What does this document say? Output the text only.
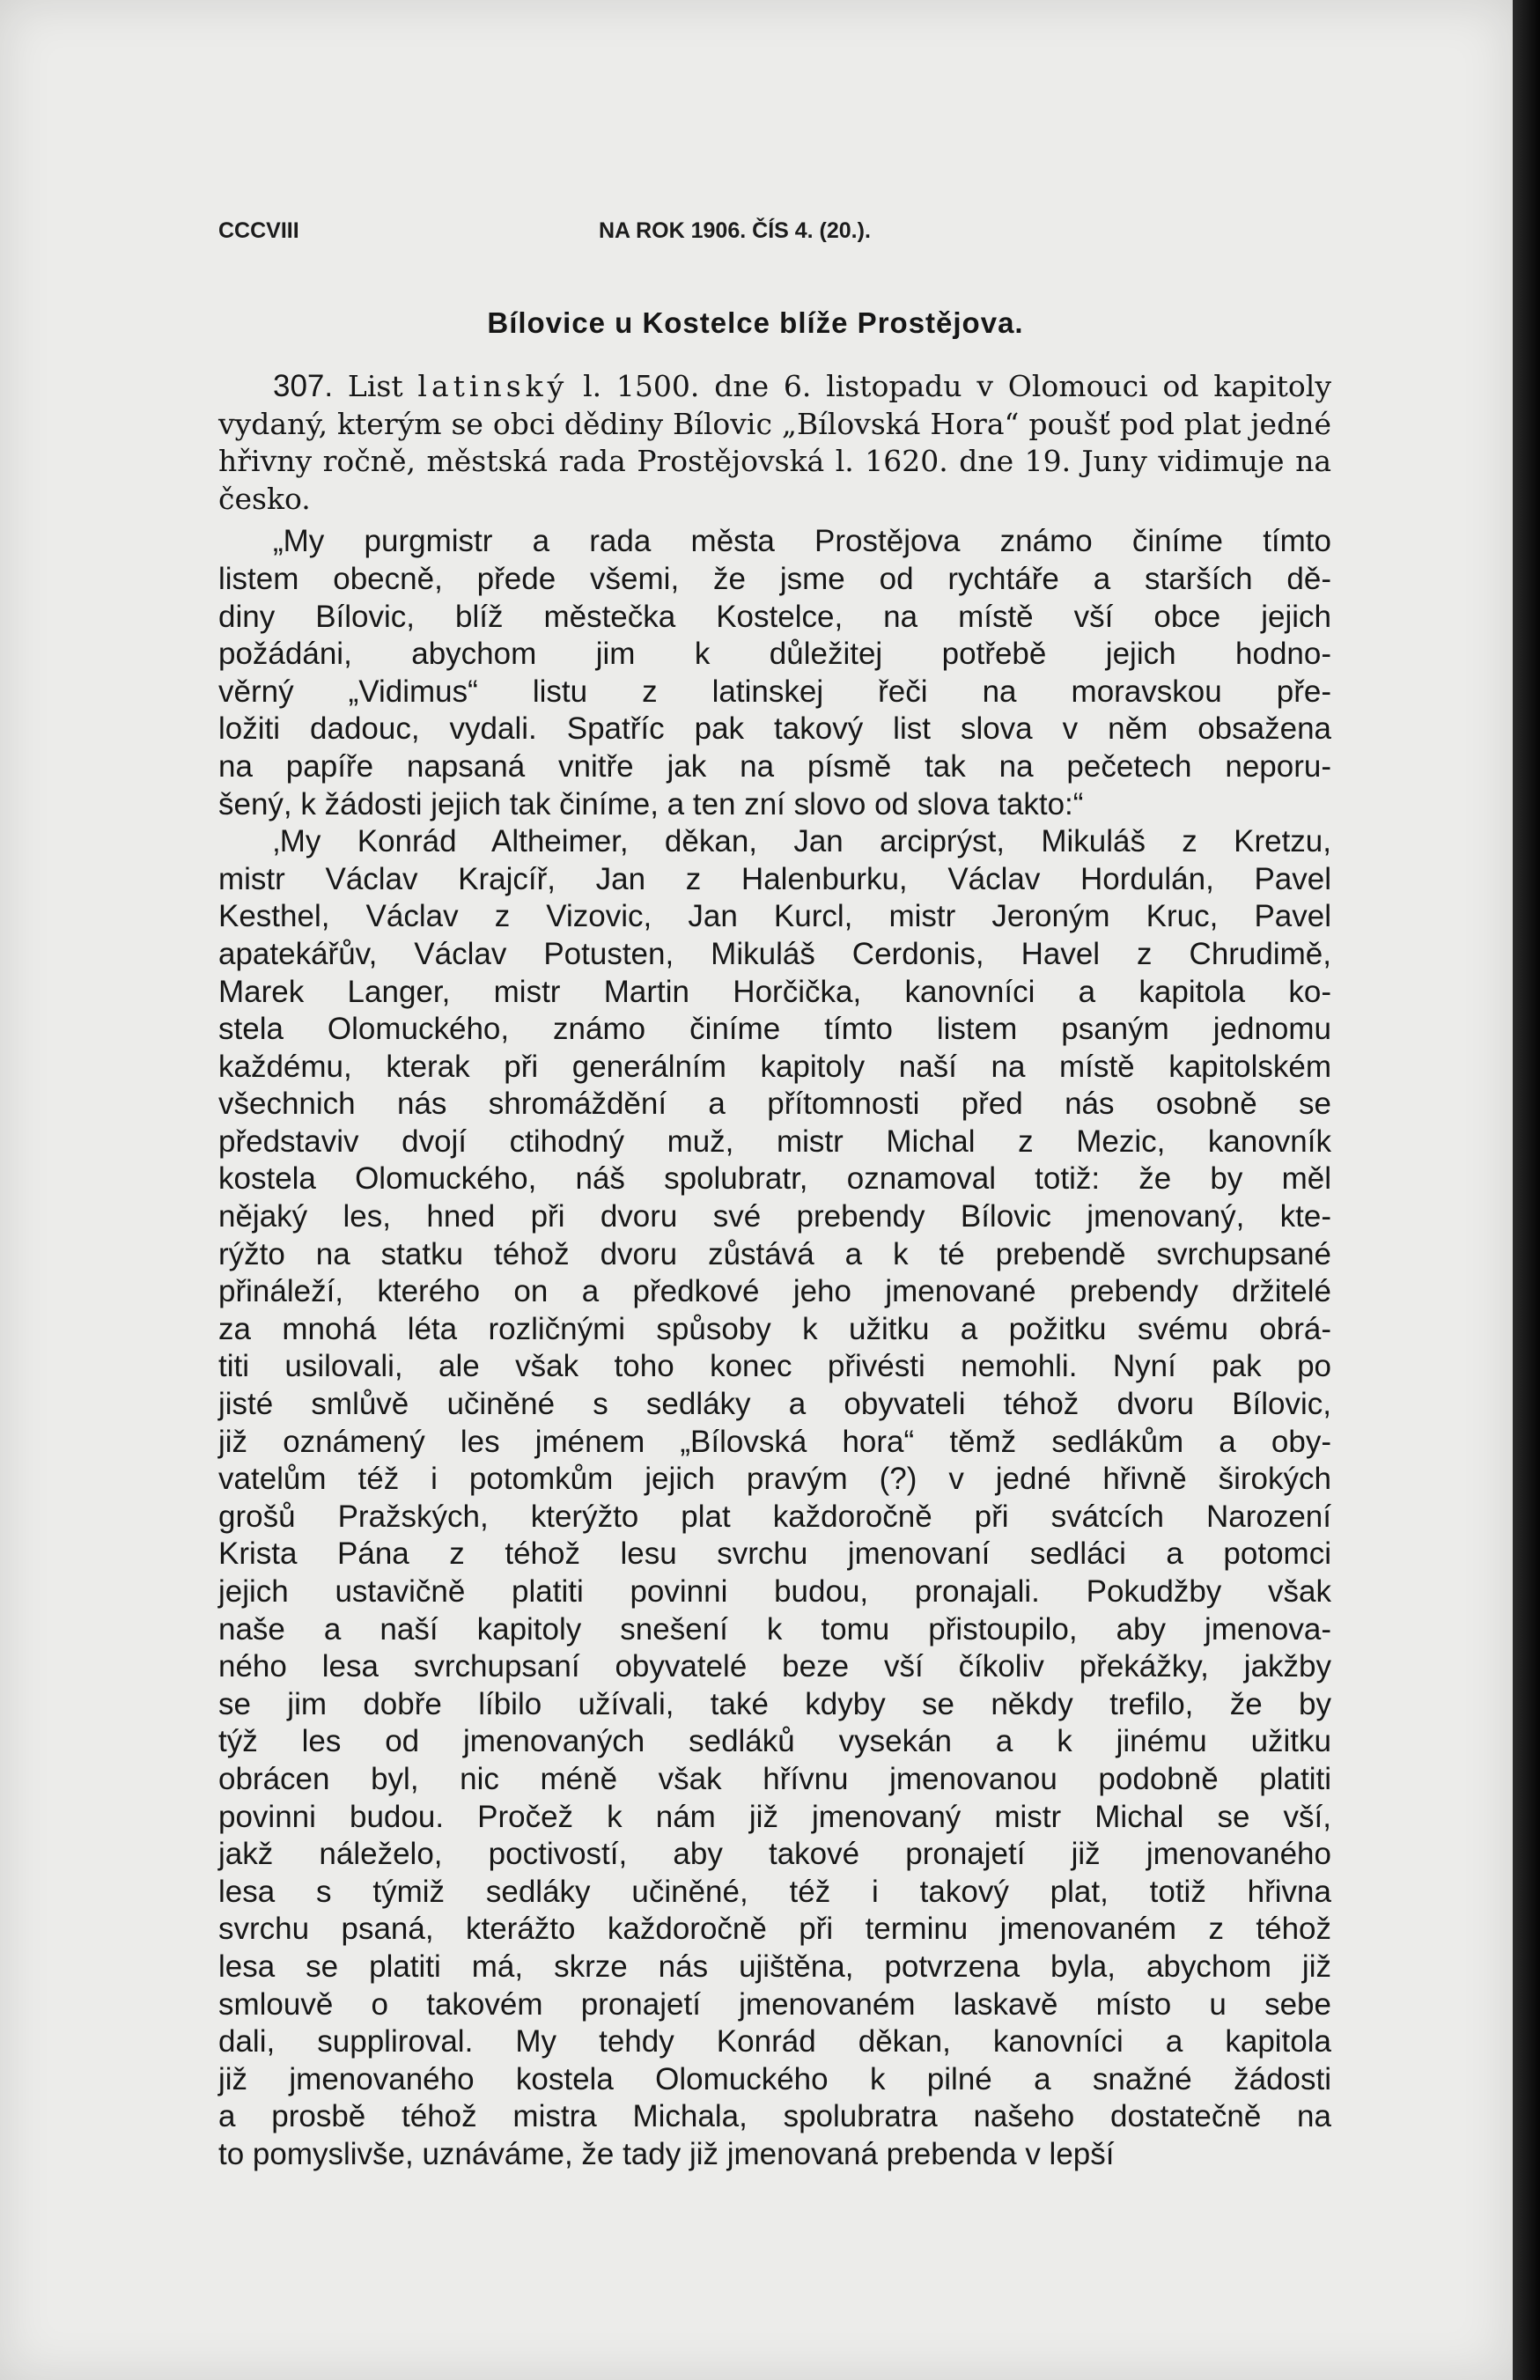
CCCVIII	NA ROK 1906. ČÍS 4. (20.).
Bílovice u Kostelce blíže Prostějova.

307. List latinský l. 1500. dne 6. listopadu v Olomouci od kapitoly vydaný, kterým se obci dědiny Bílovic „Bílovská Hora“ poušť pod plat jedné hřivny ročně, městská rada Prostějovská l. 1620. dne 19. Juny vidimuje na česko.

„My purgmistr a rada města Prostějova známo činíme tímto
listem obecně, přede všemi, že jsme od rychtáře a starších dě-
diny Bílovic, blíž městečka Kostelce, na místě vší obce jejich
požádáni, abychom jim k důležitej potřebě jejich hodno-
věrný „Vidimus“ listu z latinskej řeči na moravskou pře-
ložiti dadouc, vydali. Spatříc pak takový list slova v něm obsažena
na papíře napsaná vnitře jak na písmě tak na pečetech neporu-
šený, k žádosti jejich tak činíme, a ten zní slovo od slova takto:“
‚My Konrád Altheimer, děkan, Jan arciprýst, Mikuláš z Kretzu,
mistr Václav Krajcíř, Jan z Halenburku, Václav Hordulán, Pavel
Kesthel, Václav z Vizovic, Jan Kurcl, mistr Jeroným Kruc, Pavel
apatekářův, Václav Potusten, Mikuláš Cerdonis, Havel z Chrudimě,
Marek Langer, mistr Martin Horčička, kanovníci a kapitola ko-
stela Olomuckého, známo činíme tímto listem psaným jednomu
každému, kterak při generálním kapitoly naší na místě kapitolském
všechnich nás shromáždění a přítomnosti před nás osobně se
představiv dvojí ctihodný muž, mistr Michal z Mezic, kanovník
kostela Olomuckého, náš spolubratr, oznamoval totiž: že by měl
nějaký les, hned při dvoru své prebendy Bílovic jmenovaný, kte-
rýžto na statku téhož dvoru zůstává a k té prebendě svrchupsané
přináleží, kterého on a předkové jeho jmenované prebendy držitelé
za mnohá léta rozličnými spůsoby k užitku a požitku svému obrá-
titi usilovali, ale však toho konec přivésti nemohli. Nyní pak po
jisté smlůvě učiněné s sedláky a obyvateli téhož dvoru Bílovic,
již oznámený les jménem „Bílovská hora“ těmž sedlákům a oby-
vatelům též i potomkům jejich pravým (?) v jedné hřivně širokých
grošů Pražských, kterýžto plat každoročně při svátcích Narození
Krista Pána z téhož lesu svrchu jmenovaní sedláci a potomci
jejich ustavičně platiti povinni budou, pronajali. Pokudžby však
naše a naší kapitoly snešení k tomu přistoupilo, aby jmenova-
ného lesa svrchupsaní obyvatelé beze vší číkoliv překážky, jakžby
se jim dobře líbilo užívali, také kdyby se někdy trefilo, že by
týž les od jmenovaných sedláků vysekán a k jinému užitku
obrácen byl, nic méně však hřívnu jmenovanou podobně platiti
povinni budou. Pročež k nám již jmenovaný mistr Michal se vší,
jakž náleželo, poctivostí, aby takové pronajetí již jmenovaného
lesa s týmiž sedláky učiněné, též i takový plat, totiž hřivna
svrchu psaná, kterážto každoročně při terminu jmenovaném z téhož
lesa se platiti má, skrze nás ujištěna, potvrzena byla, abychom již
smlouvě o takovém pronajetí jmenovaném laskavě místo u sebe
dali, suppliroval. My tehdy Konrád děkan, kanovníci a kapitola
již jmenovaného kostela Olomuckého k pilné a snažné žádosti
a prosbě téhož mistra Michala, spolubratra našeho dostatečně na
to pomyslivše, uznáváme, že tady již jmenovaná prebenda v lepší
